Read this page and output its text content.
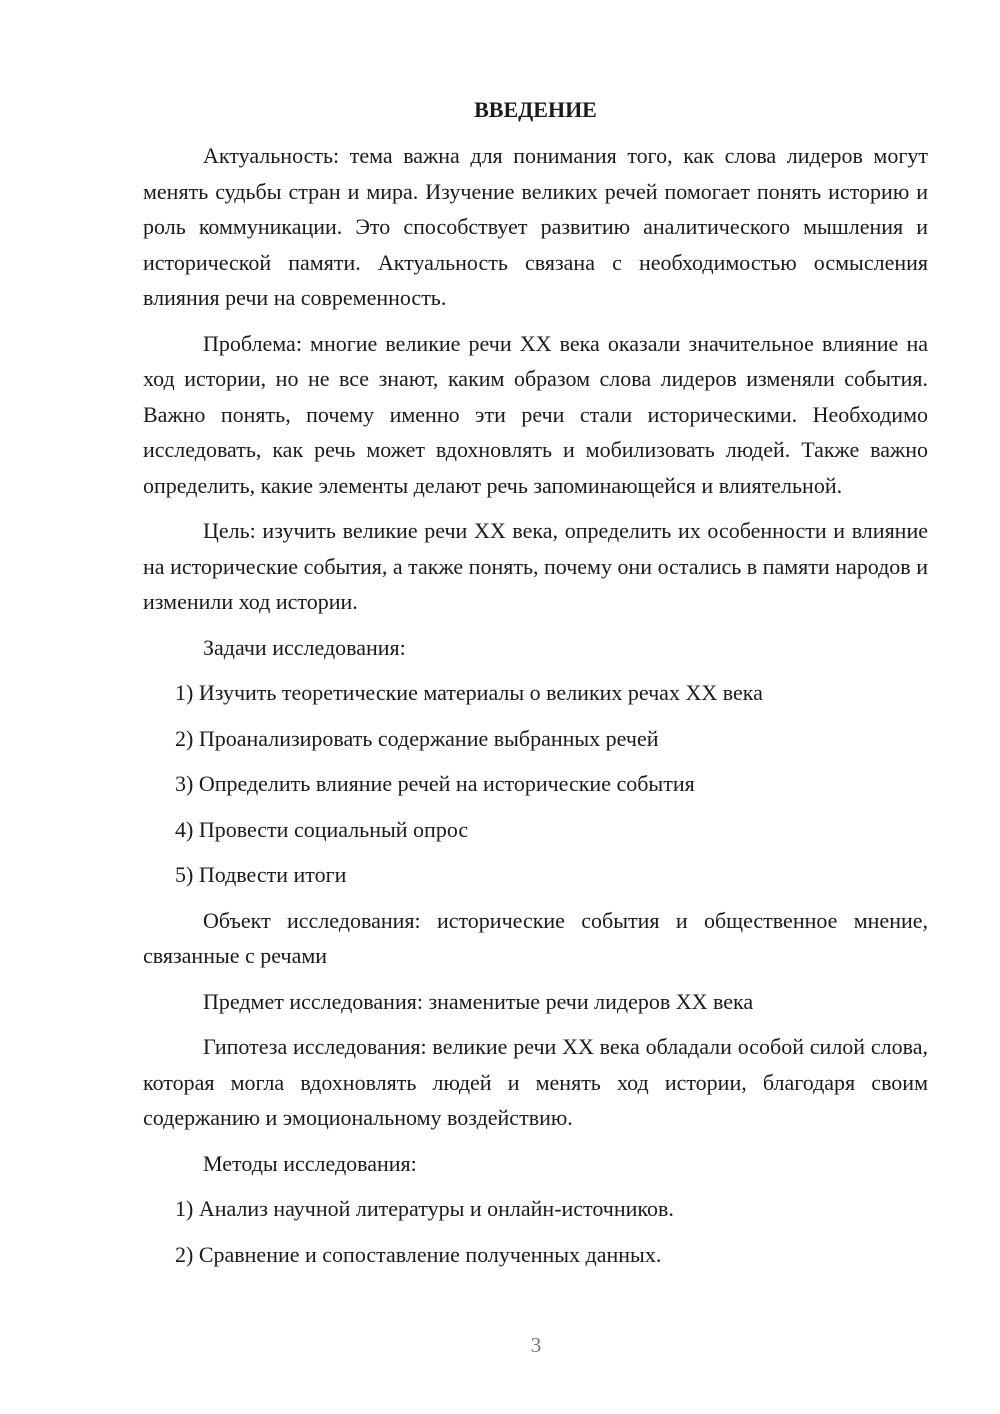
ВВЕДЕНИЕ

Актуальность: тема важна для понимания того, как слова лидеров могут менять судьбы стран и мира. Изучение великих речей помогает понять историю и роль коммуникации. Это способствует развитию аналитического мышления и исторической памяти. Актуальность связана с необходимостью осмысления влияния речи на современность.

Проблема: многие великие речи XX века оказали значительное влияние на ход истории, но не все знают, каким образом слова лидеров изменяли события. Важно понять, почему именно эти речи стали историческими. Необходимо исследовать, как речь может вдохновлять и мобилизовать людей. Также важно определить, какие элементы делают речь запоминающейся и влиятельной.

Цель: изучить великие речи XX века, определить их особенности и влияние на исторические события, а также понять, почему они остались в памяти народов и изменили ход истории.

Задачи исследования:

1) Изучить теоретические материалы о великих речах XX века

2) Проанализировать содержание выбранных речей

3) Определить влияние речей на исторические события

4) Провести социальный опрос

5) Подвести итоги

Объект исследования: исторические события и общественное мнение, связанные с речами

Предмет исследования: знаменитые речи лидеров XX века

Гипотеза исследования: великие речи XX века обладали особой силой слова, которая могла вдохновлять людей и менять ход истории, благодаря своим содержанию и эмоциональному воздействию.

Методы исследования:

1) Анализ научной литературы и онлайн-источников.

2) Сравнение и сопоставление полученных данных.

3
